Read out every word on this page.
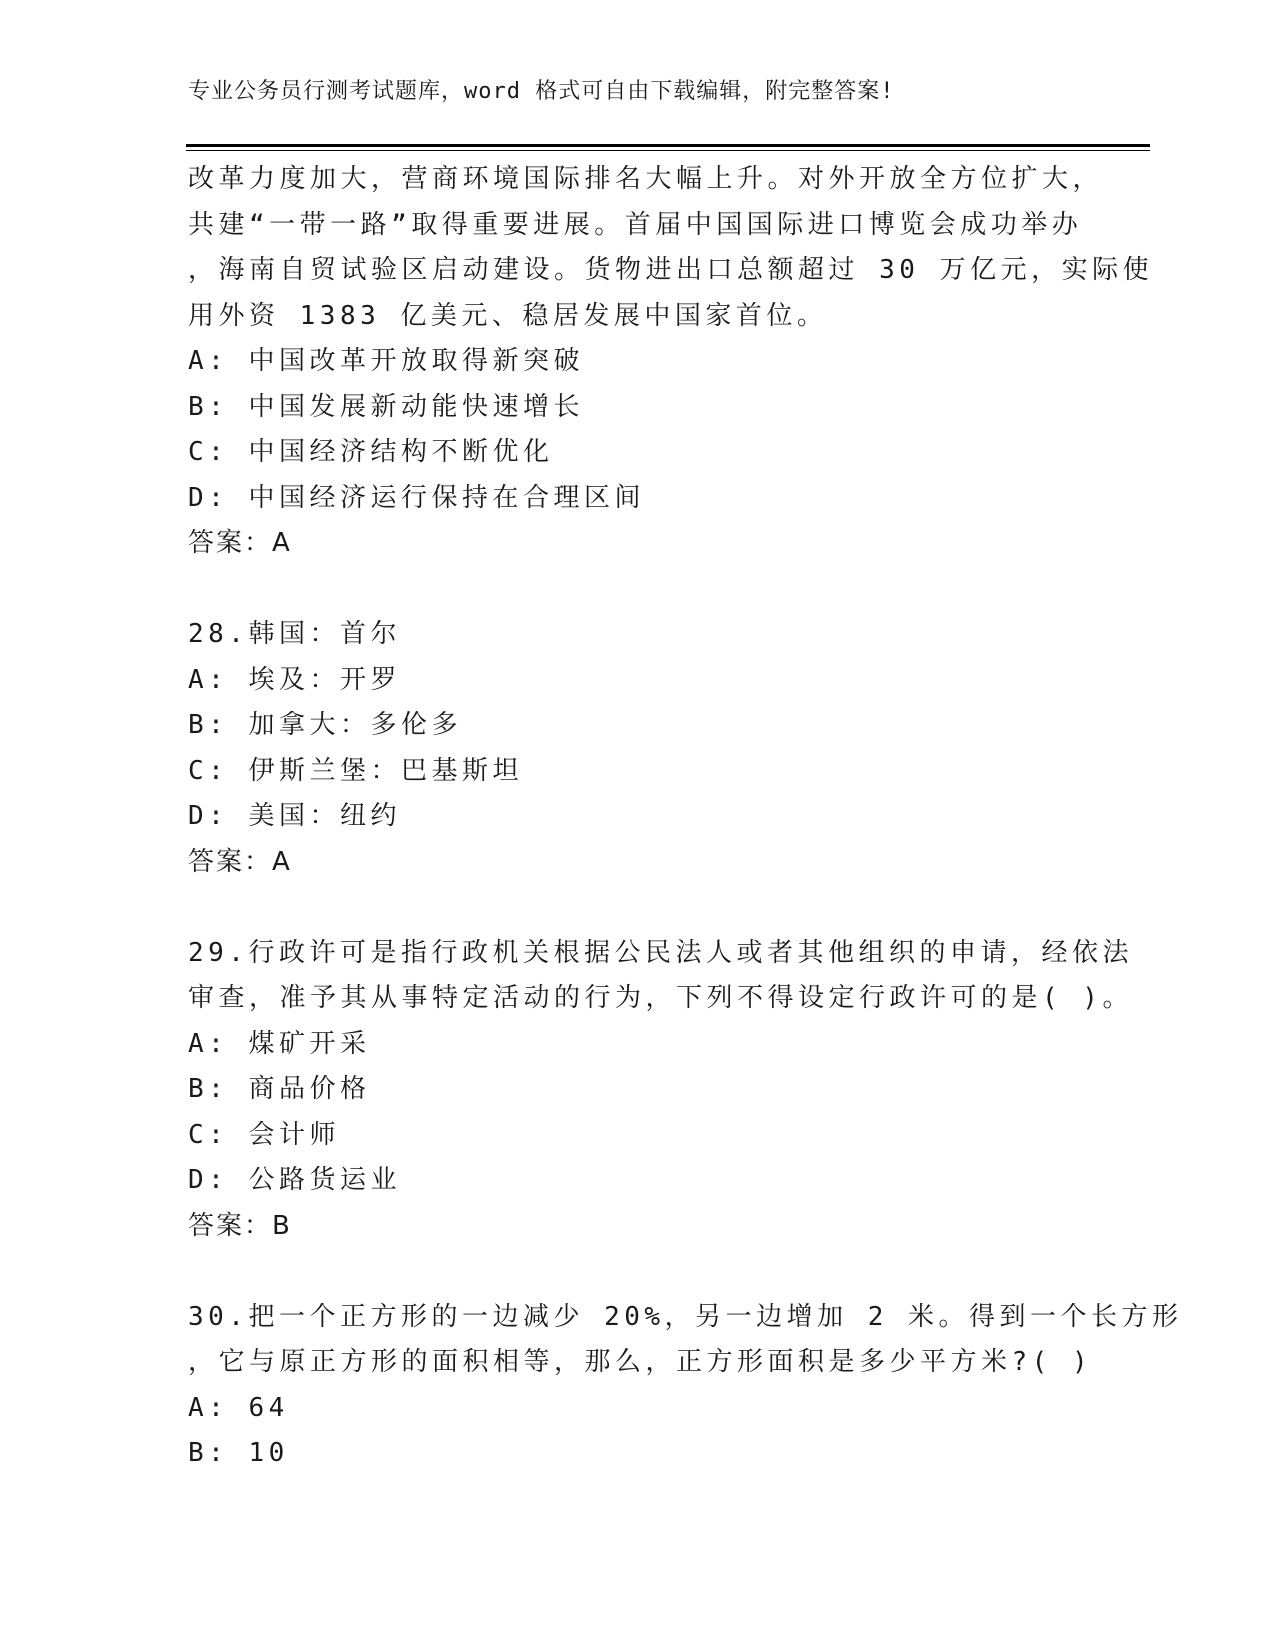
专业公务员行测考试题库，word 格式可自由下载编辑，附完整答案!
改革力度加大，营商环境国际排名大幅上升。对外开放全方位扩大，
共建“一带一路”取得重要进展。首届中国国际进口博览会成功举办
，海南自贸试验区启动建设。货物进出口总额超过 30 万亿元，实际使
用外资 1383 亿美元、稳居发展中国家首位。
A: 中国改革开放取得新突破
B: 中国发展新动能快速增长
C: 中国经济结构不断优化
D: 中国经济运行保持在合理区间
答案：A
28.韩国：首尔
A: 埃及：开罗
B: 加拿大：多伦多
C: 伊斯兰堡：巴基斯坦
D: 美国：纽约
答案：A
29.行政许可是指行政机关根据公民法人或者其他组织的申请，经依法
审查，准予其从事特定活动的行为，下列不得设定行政许可的是( )。
A: 煤矿开采
B: 商品价格
C: 会计师
D: 公路货运业
答案：B
30.把一个正方形的一边减少 20%，另一边增加 2 米。得到一个长方形
，它与原正方形的面积相等，那么，正方形面积是多少平方米?( )
A: 64
B: 10
